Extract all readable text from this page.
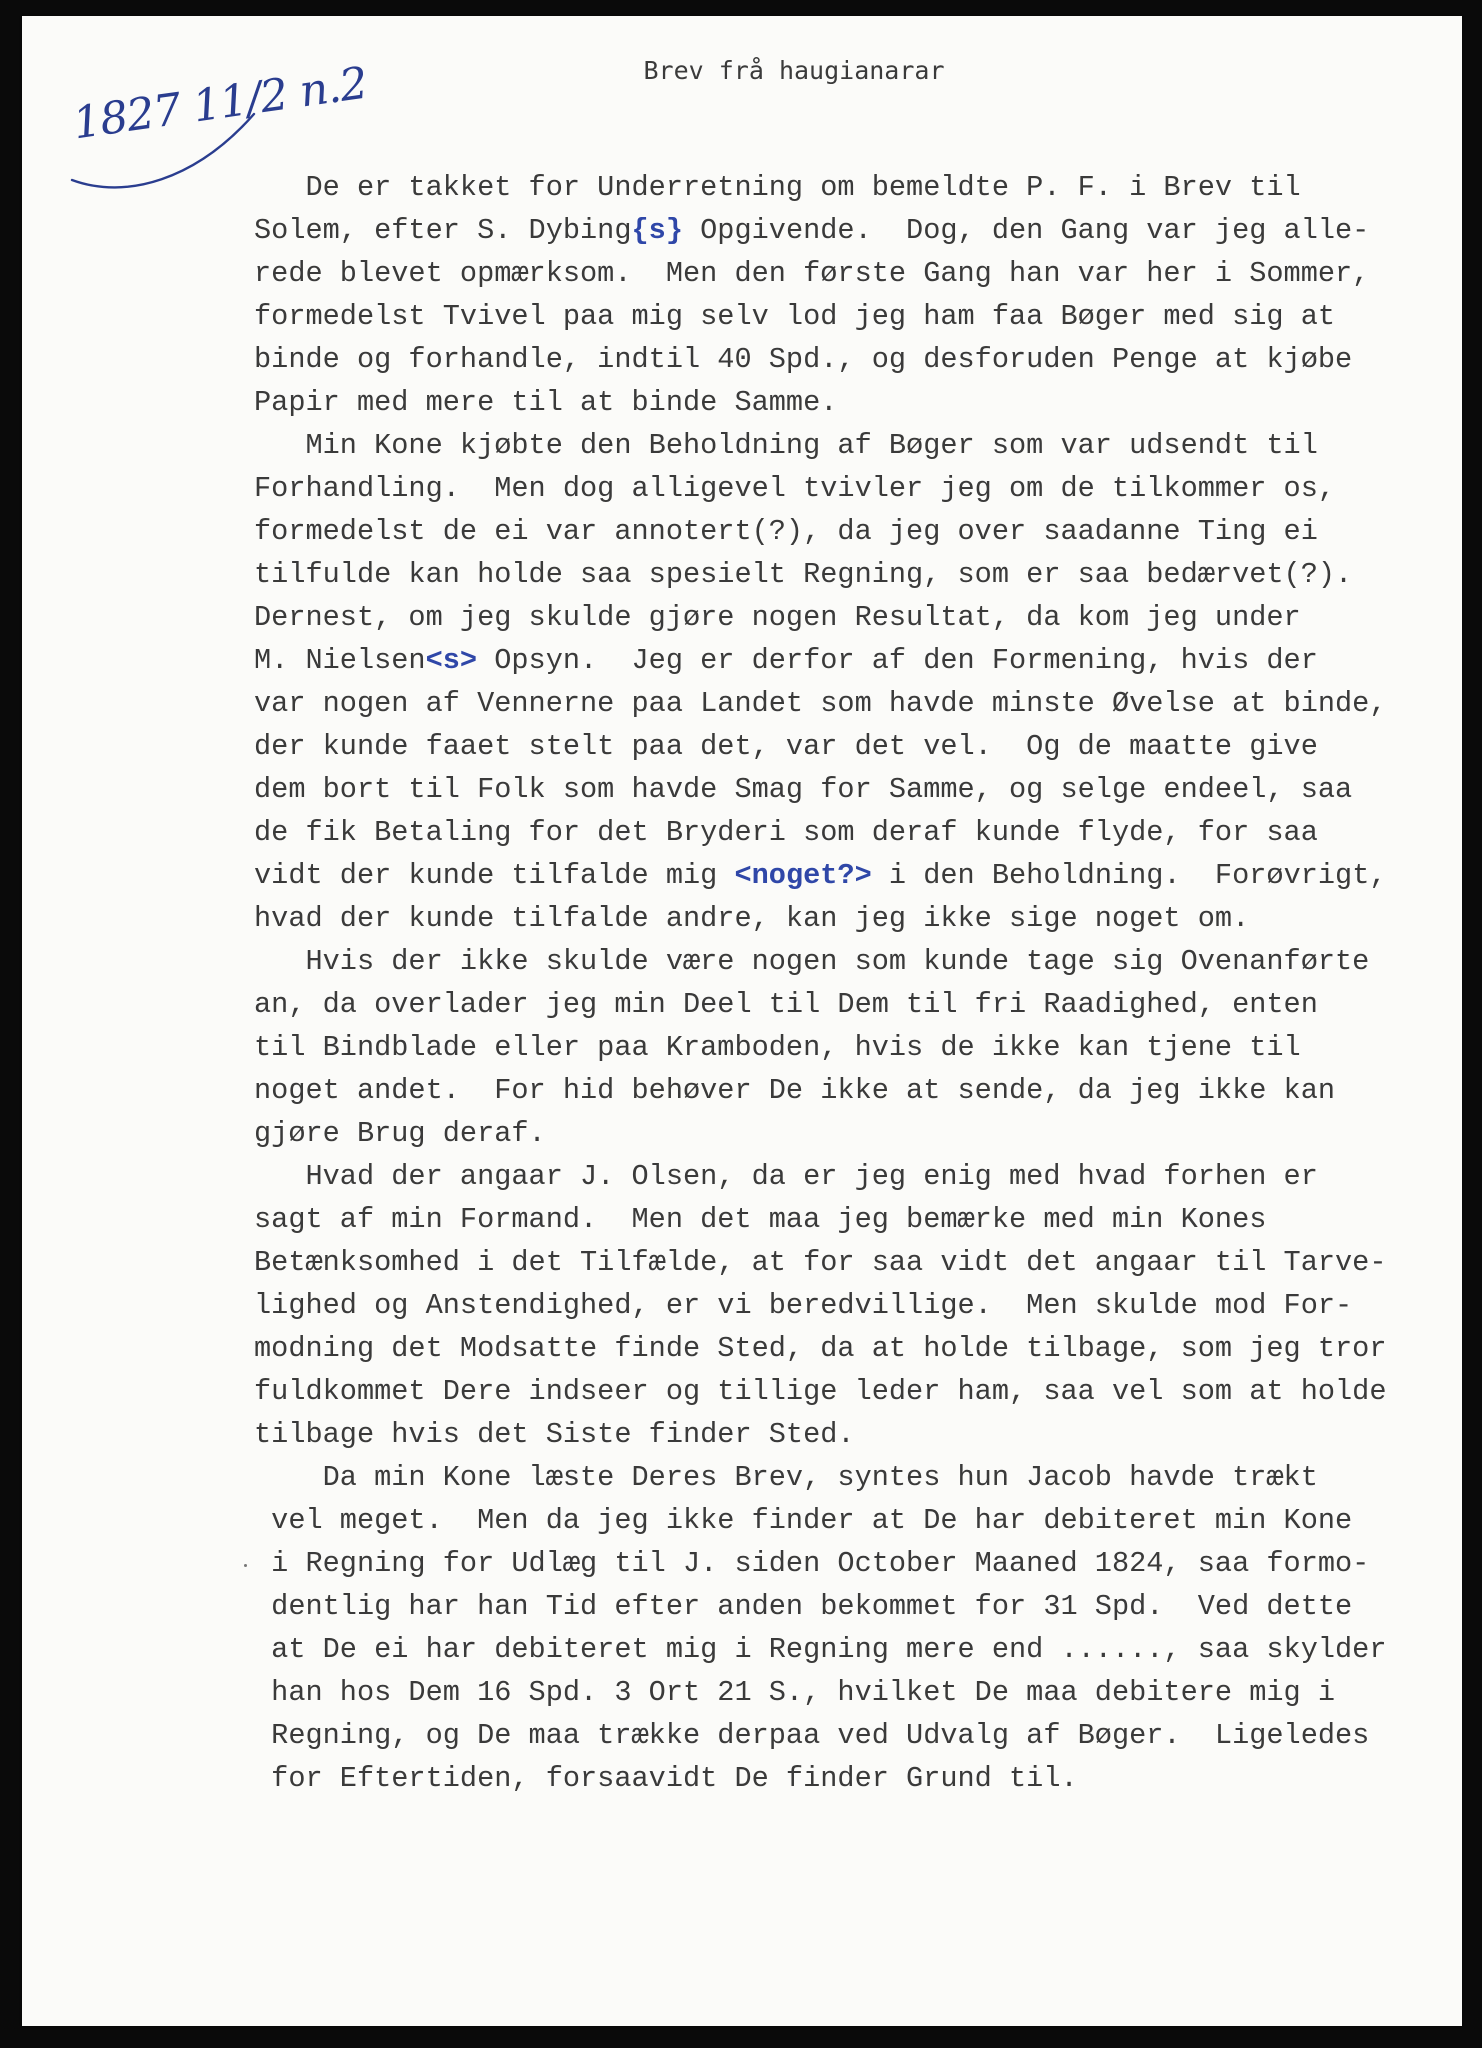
1827 11/2 n.2	Brev frå haugianarar
De er takket for Underretning om bemeldte P. F. i Brev til
Solem, efter S. Dybing{s} Opgivende.  Dog, den Gang var jeg alle-
rede blevet opmærksom.  Men den første Gang han var her i Sommer,
formedelst Tvivel paa mig selv lod jeg ham faa Bøger med sig at
binde og forhandle, indtil 40 Spd., og desforuden Penge at kjøbe
Papir med mere til at binde Samme.
Min Kone kjøbte den Beholdning af Bøger som var udsendt til
Forhandling.  Men dog alligevel tvivler jeg om de tilkommer os,
formedelst de ei var annotert(?), da jeg over saadanne Ting ei
tilfulde kan holde saa spesielt Regning, som er saa bedærvet(?).
Dernest, om jeg skulde gjøre nogen Resultat, da kom jeg under
M. Nielsen<s> Opsyn.  Jeg er derfor af den Formening, hvis der
var nogen af Vennerne paa Landet som havde minste Øvelse at binde,
der kunde faaet stelt paa det, var det vel.  Og de maatte give
dem bort til Folk som havde Smag for Samme, og selge endeel, saa
de fik Betaling for det Bryderi som deraf kunde flyde, for saa
vidt der kunde tilfalde mig <noget?> i den Beholdning.  Forøvrigt,
hvad der kunde tilfalde andre, kan jeg ikke sige noget om.
Hvis der ikke skulde være nogen som kunde tage sig Ovenanførte
an, da overlader jeg min Deel til Dem til fri Raadighed, enten
til Bindblade eller paa Kramboden, hvis de ikke kan tjene til
noget andet.  For hid behøver De ikke at sende, da jeg ikke kan
gjøre Brug deraf.
Hvad der angaar J. Olsen, da er jeg enig med hvad forhen er
sagt af min Formand.  Men det maa jeg bemærke med min Kones
Betænksomhed i det Tilfælde, at for saa vidt det angaar til Tarve-
lighed og Anstendighed, er vi beredvillige.  Men skulde mod For-
modning det Modsatte finde Sted, da at holde tilbage, som jeg tror
fuldkommet Dere indseer og tillige leder ham, saa vel som at holde
tilbage hvis det Siste finder Sted.
Da min Kone læste Deres Brev, syntes hun Jacob havde trækt
vel meget.  Men da jeg ikke finder at De har debiteret min Kone
i Regning for Udlæg til J. siden October Maaned 1824, saa formo-
dentlig har han Tid efter anden bekommet for 31 Spd.  Ved dette
at De ei har debiteret mig i Regning mere end ......, saa skylder
han hos Dem 16 Spd. 3 Ort 21 S., hvilket De maa debitere mig i
Regning, og De maa trække derpaa ved Udvalg af Bøger.  Ligeledes
for Eftertiden, forsaavidt De finder Grund til.
